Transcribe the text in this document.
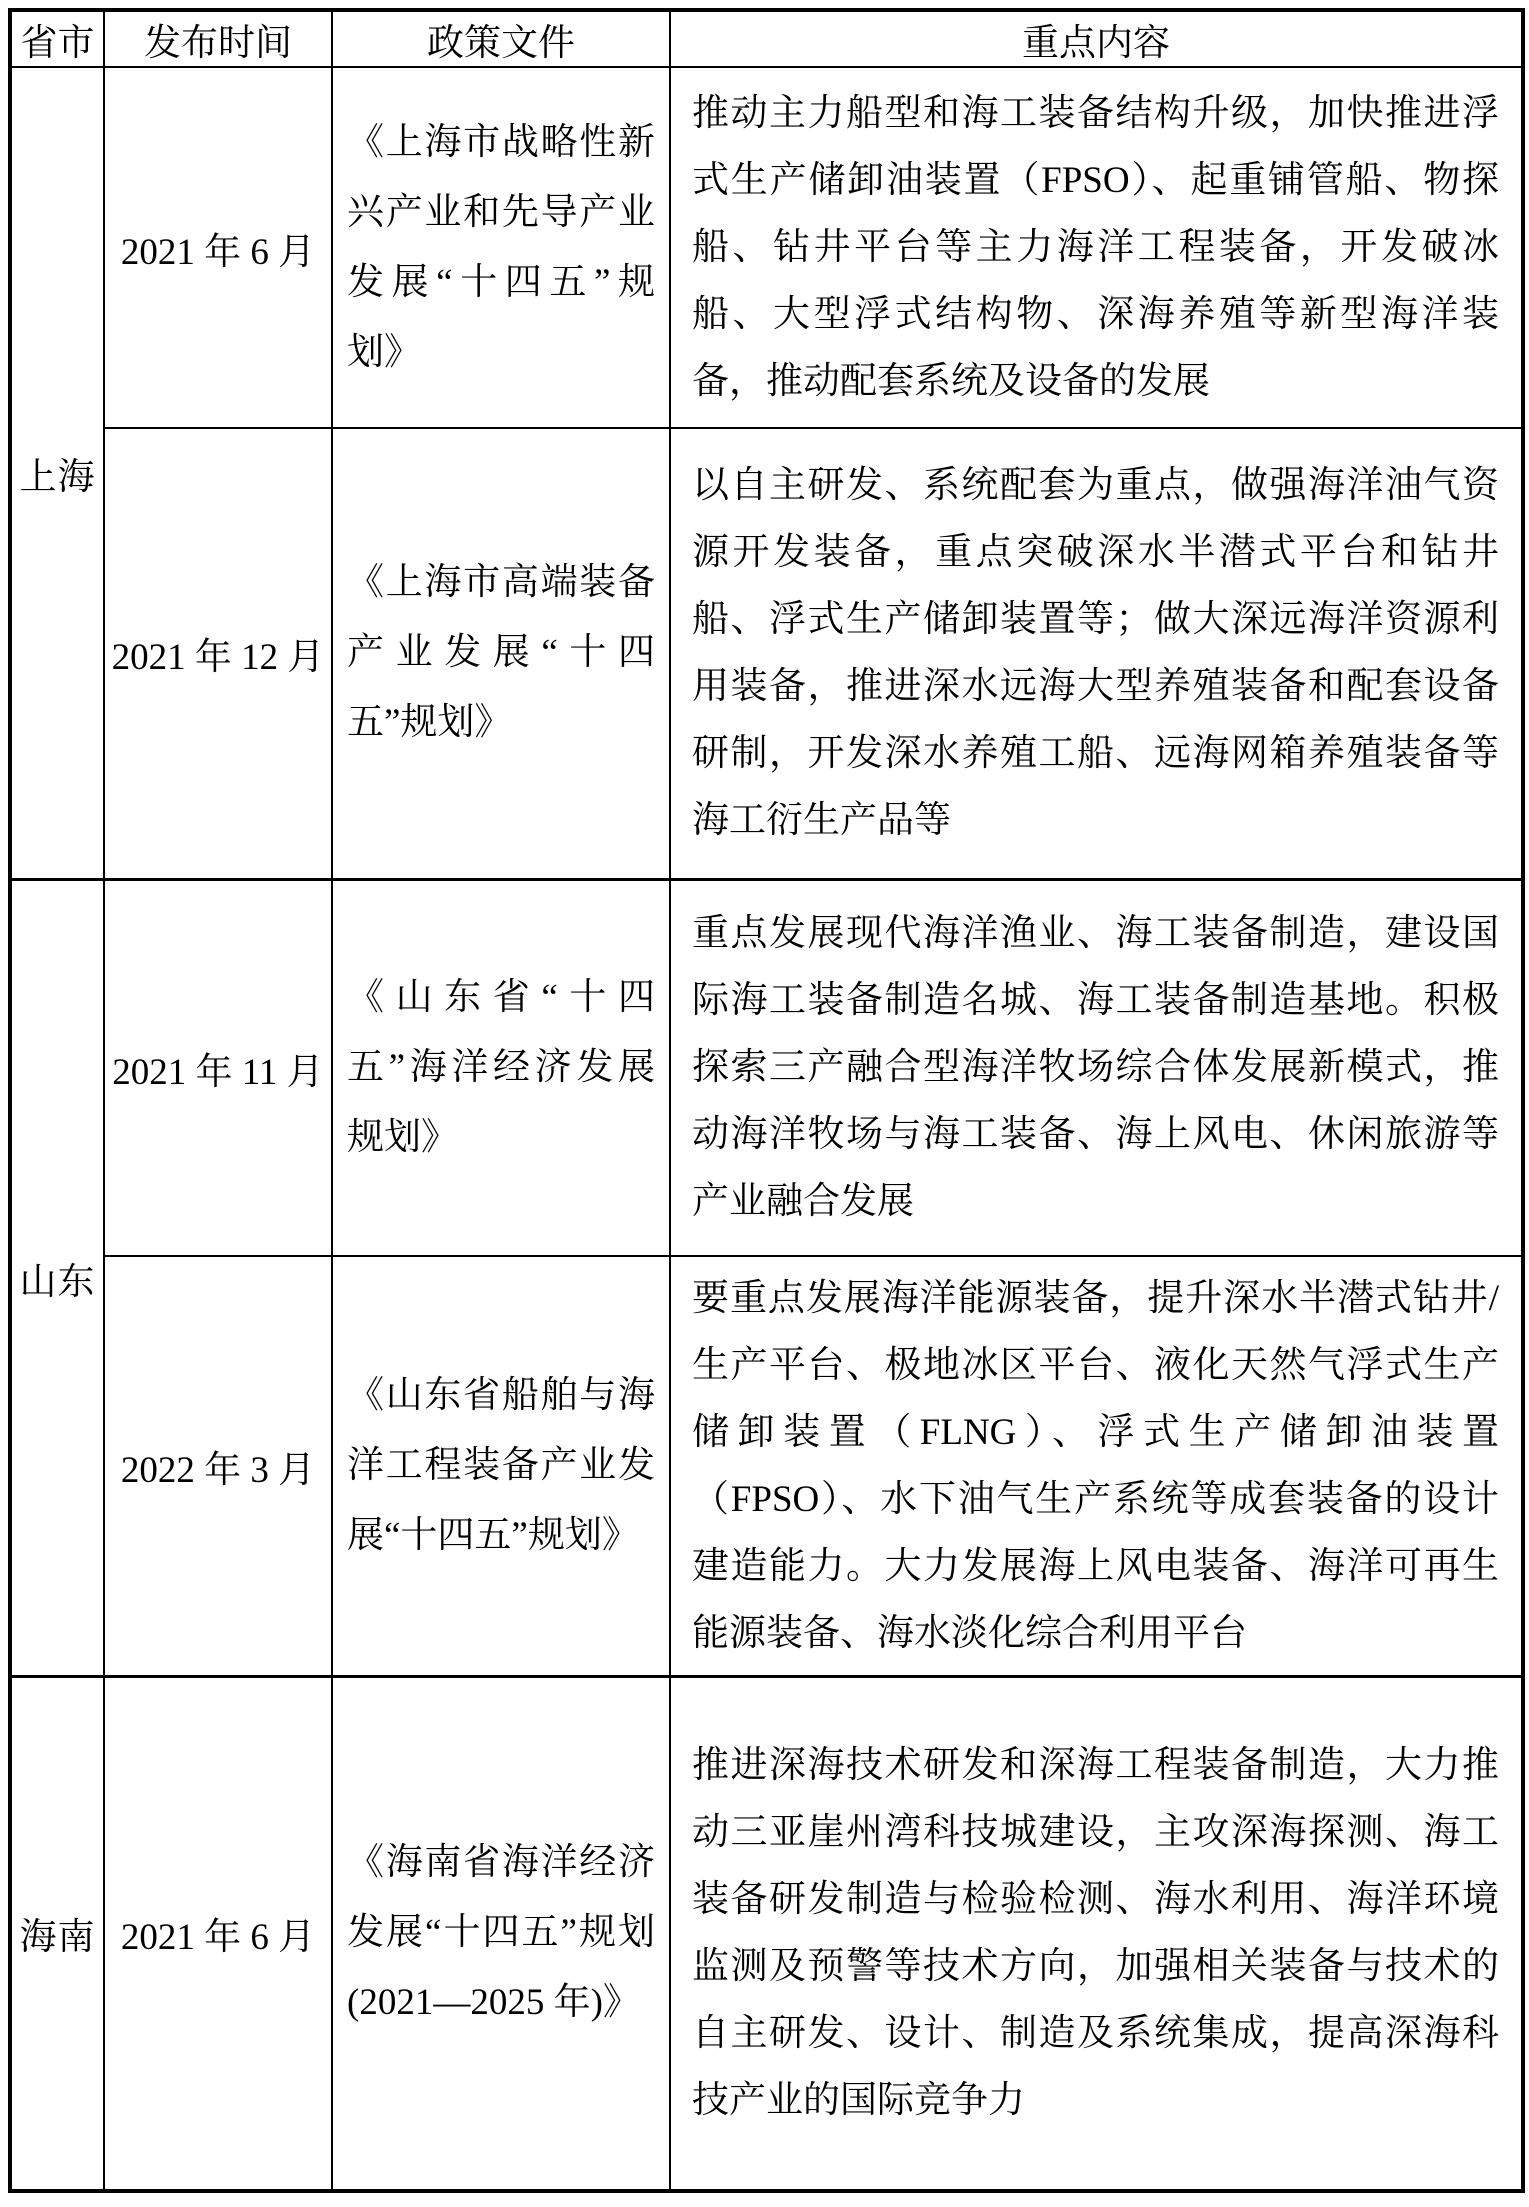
省市	发布时间	政策文件	重点内容
上海	2021 年 6 月	《上海市战略性新兴产业和先导产业发展“十四五”规划》	推动主力船型和海工装备结构升级，加快推进浮式生产储卸油装置（FPSO）、起重铺管船、物探船、钻井平台等主力海洋工程装备，开发破冰船、大型浮式结构物、深海养殖等新型海洋装备，推动配套系统及设备的发展
	2021 年 12 月	《上海市高端装备产业发展“十四五”规划》	以自主研发、系统配套为重点，做强海洋油气资源开发装备，重点突破深水半潜式平台和钻井船、浮式生产储卸装置等；做大深远海洋资源利用装备，推进深水远海大型养殖装备和配套设备研制，开发深水养殖工船、远海网箱养殖装备等海工衍生产品等
山东	2021 年 11 月	《山东省“十四五”海洋经济发展规划》	重点发展现代海洋渔业、海工装备制造，建设国际海工装备制造名城、海工装备制造基地。积极探索三产融合型海洋牧场综合体发展新模式，推动海洋牧场与海工装备、海上风电、休闲旅游等产业融合发展
	2022 年 3 月	《山东省船舶与海洋工程装备产业发展“十四五”规划》	要重点发展海洋能源装备，提升深水半潜式钻井/生产平台、极地冰区平台、液化天然气浮式生产储卸装置（FLNG）、浮式生产储卸油装置（FPSO）、水下油气生产系统等成套装备的设计建造能力。大力发展海上风电装备、海洋可再生能源装备、海水淡化综合利用平台
海南	2021 年 6 月	《海南省海洋经济发展“十四五”规划(2021—2025 年)》	推进深海技术研发和深海工程装备制造，大力推动三亚崖州湾科技城建设，主攻深海探测、海工装备研发制造与检验检测、海水利用、海洋环境监测及预警等技术方向，加强相关装备与技术的自主研发、设计、制造及系统集成，提高深海科技产业的国际竞争力
